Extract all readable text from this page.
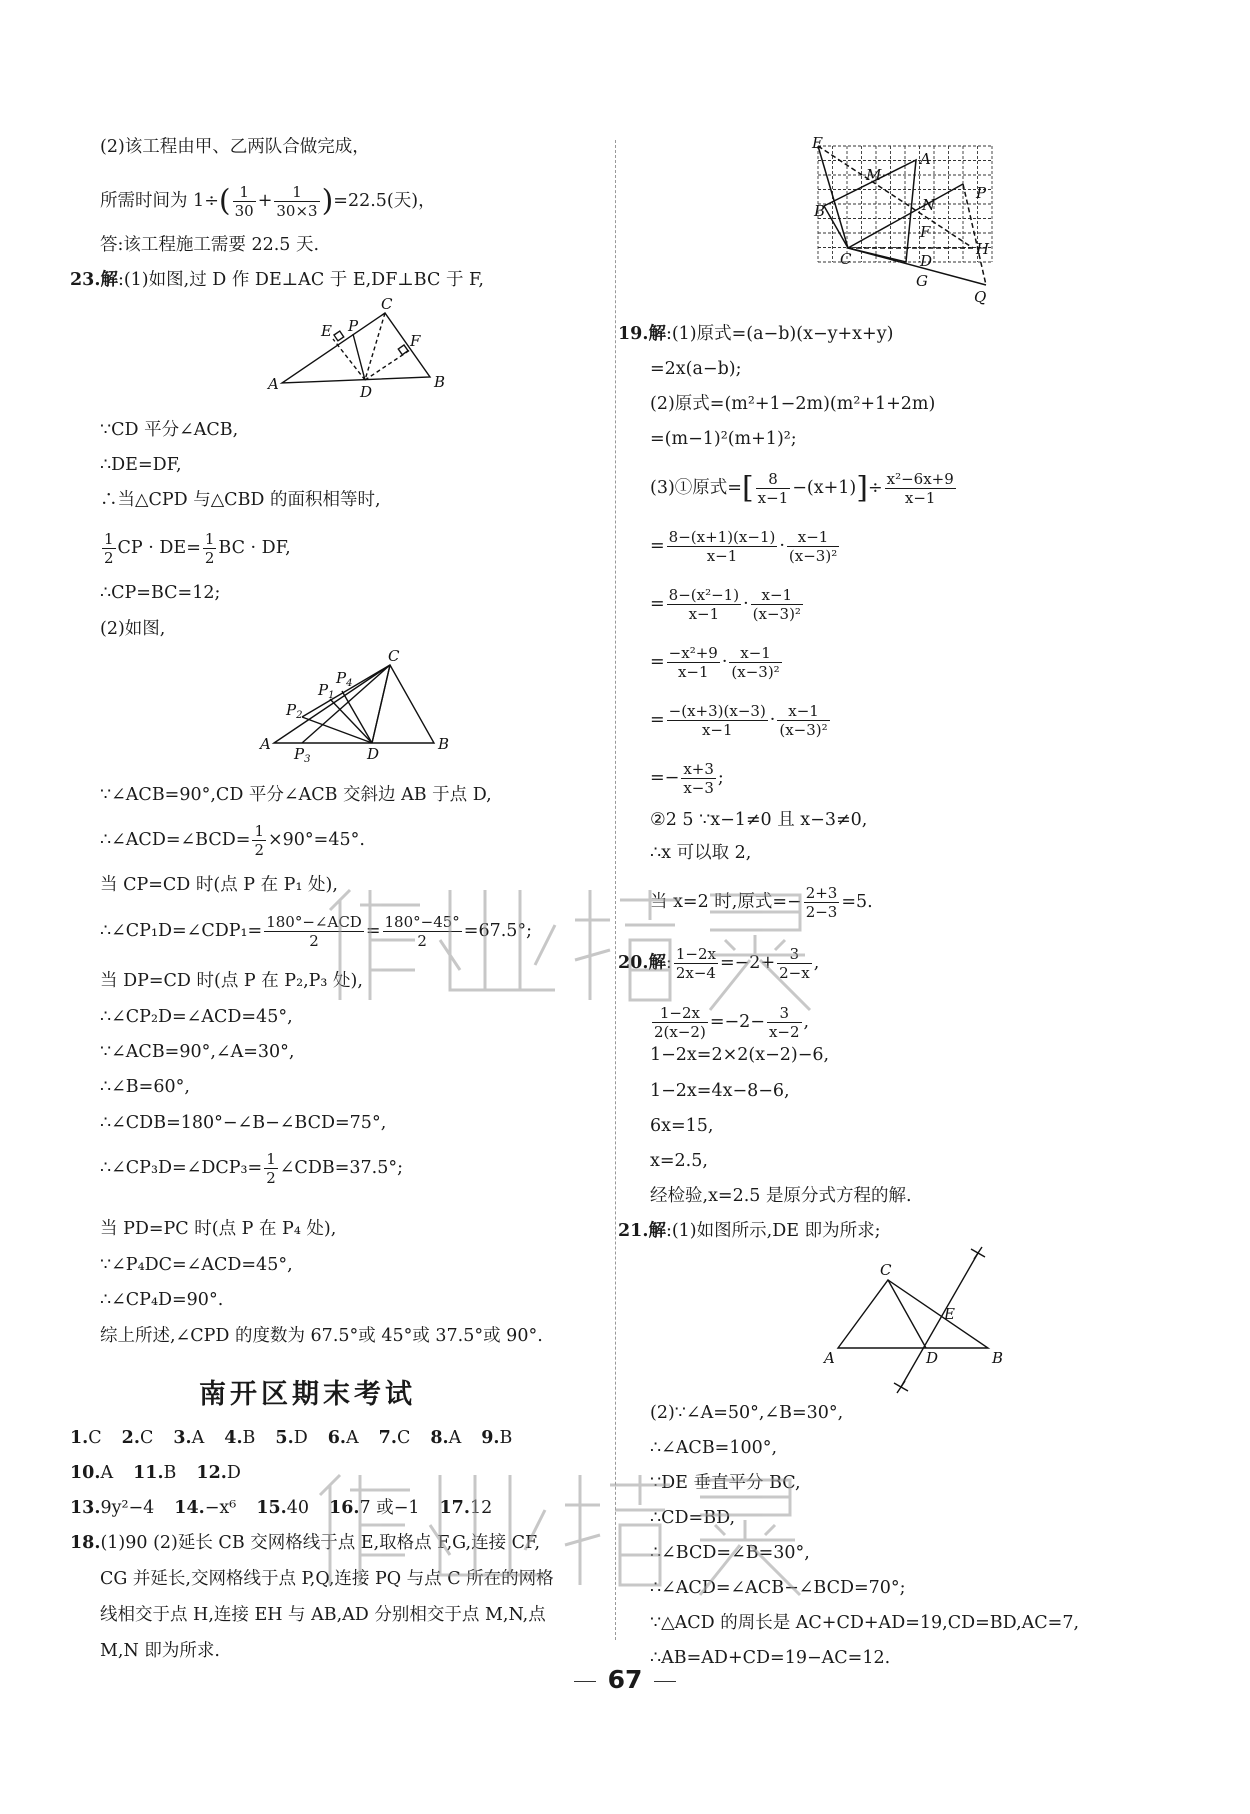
(2)该工程由甲、乙两队合做完成，
所需时间为 $1\div( \frac{1}{30} + \frac{1}{30\times 3} )=22.5$(天)，
答:该工程施工需要 22.5 天.
23.解:(1)如图,过 D 作 DE⊥AC 于 E,DF⊥BC 于 F,
A	B
C
D
E
F
P
∵CD 平分∠ACB,
∴DE=DF,
∴当△CPD 与△CBD 的面积相等时,
$\frac{1}{2}$ CP · $DE= \frac{1}{2}$ BC · DF,
∴CP=BC=12;
(2)如图,
A	B
C
D
$P_2$
$P_1$
$P_4$
$P_3$
∵∠ACB=90°,CD 平分∠ACB 交斜边 AB 于点 D,
∴∠ACD=∠BCD= $\frac{1}{2} \times 90^\circ=45^\circ$.
当 CP=CD 时(点 P 在 P₁ 处),
∴∠CP₁D=∠CDP₁= $\frac{\text{180°−∠ACD}}{2} = \frac{180^\circ-45^\circ}{2} =67.5^\circ$;
当 DP=CD 时(点 P 在 P₂,P₃ 处),
∴∠CP₂D=∠ACD=45°,
∵∠ACB=90°,∠A=30°,
∴∠B=60°,
∴∠CDB=180°−∠B−∠BCD=75°,
∴∠CP₃D=∠DCP₃= $\frac{1}{2}$ ∠CDB=37.5°;
当 PD=PC 时(点 P 在 P₄ 处),
∵∠P₄DC=∠ACD=45°,
∴∠CP₄D=90°.
综上所述,∠CPD 的度数为 67.5°或 45°或 37.5°或 90°.
1.C 2.C 3.A 4.B 5.D 6.A 7.C 8.A 9.B
10.A 11.B 12.D
13.9y²−4 14.−x⁶ 15.40 16.7 或−1 17.12
18.(1)90 (2)延长 CB 交网格线于点 E,取格点 F,G,连接 CF,
CG 并延长,交网格线于点 P,Q,连接 PQ 与点 C 所在的网格
线相交于点 H,连接 EH 与 AB,AD 分别相交于点 M,N,点
M,N 即为所求.
南开区期末考试
E
M
A
B	N
P
F
C	D
H
G
Q
19.解:(1)原式=(a−b)(x−y+x+y)
=2x(a−b);
(2)原式=(m²+1−2m)(m²+1+2m)
=(m−1)²(m+1)²;
(3)①原式=[ $\frac{8}{x-1} -(x+1)]\div \frac{\text{x²−6x+9}}{x-1}$
= $\frac{8-(x+1)(x-1)}{x-1} \cdot \frac{x-1}{\text{(x−3)²}}$
= $\frac{\text{8−(x²−1)}}{x-1} \cdot \frac{x-1}{\text{(x−3)²}}$
= $\frac{\text{−x²+9}}{x-1} \cdot \frac{x-1}{\text{(x−3)²}}$
= $\frac{-(x+3)(x-3)}{x-1} \cdot \frac{x-1}{\text{(x−3)²}}$
=− $\frac{x+3}{x-3}$ ;
②2 5 ∵x−1≠0 且 x−3≠0,
∴x 可以取 2,
当 x=2 时,原式=− $\frac{2+3}{2-3} =5$.
20.解: $\frac{1-2x}{2x-4} =-2+ \frac{3}{2-x}$ ,
$\frac{1-2x}{2(x-2)} =-2- \frac{3}{x-2}$ ,
1−2x=2×2(x−2)−6,
1−2x=4x−8−6,
6x=15,
x=2.5,
经检验,x=2.5 是原分式方程的解.
21.解:(1)如图所示,DE 即为所求;
A	B
C
D
E
(2)∵∠A=50°,∠B=30°,
∴∠ACB=100°,
∵DE 垂直平分 BC,
∴CD=BD,
∴∠BCD=∠B=30°,
∴∠ACD=∠ACB−∠BCD=70°;
∵△ACD 的周长是 AC+CD+AD=19,CD=BD,AC=7,
∴AB=AD+CD=19−AC=12.
67
